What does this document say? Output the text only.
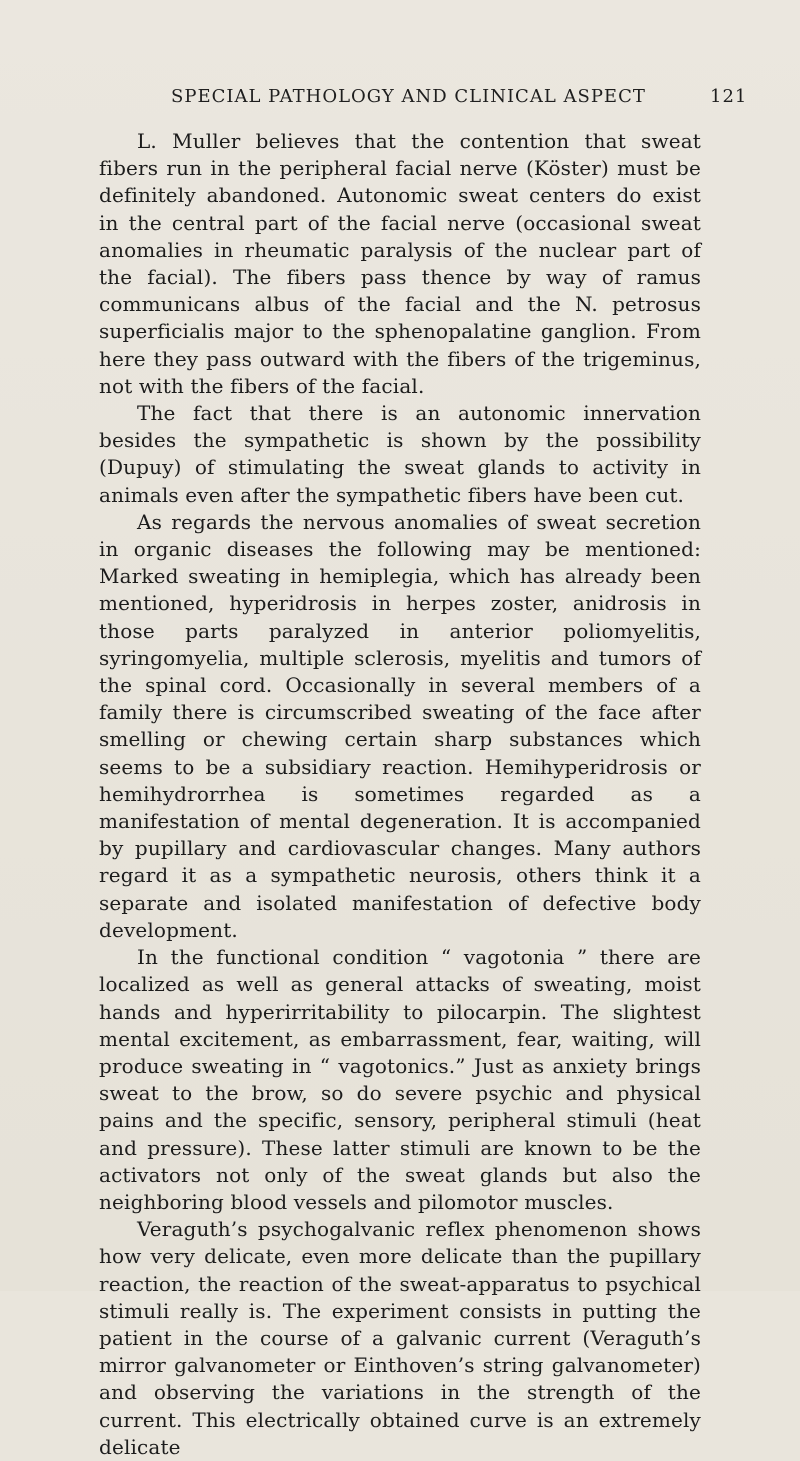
SPECIAL PATHOLOGY AND CLINICAL ASPECT	121

L. Muller believes that the contention that sweat fibers run in the peripheral facial nerve (Köster) must be definitely abandoned. Autonomic sweat centers do exist in the central part of the facial nerve (occasional sweat anomalies in rheumatic paralysis of the nuclear part of the facial). The fibers pass thence by way of ramus communicans albus of the facial and the N. petrosus superficialis major to the sphenopalatine ganglion. From here they pass outward with the fibers of the trigeminus, not with the fibers of the facial.

The fact that there is an autonomic innervation besides the sympathetic is shown by the possibility (Dupuy) of stimulating the sweat glands to activity in animals even after the sympathetic fibers have been cut.

As regards the nervous anomalies of sweat secretion in organic diseases the following may be mentioned: Marked sweating in hemiplegia, which has already been mentioned, hyperidrosis in herpes zoster, anidrosis in those parts paralyzed in anterior poliomyelitis, syringomyelia, multiple sclerosis, myelitis and tumors of the spinal cord. Occasionally in several members of a family there is circumscribed sweating of the face after smelling or chewing certain sharp substances which seems to be a subsidiary reaction. Hemihyperidrosis or hemihydrorrhea is sometimes regarded as a manifestation of mental degeneration. It is accompanied by pupillary and cardiovascular changes. Many authors regard it as a sympathetic neurosis, others think it a separate and isolated manifestation of defective body development.

In the functional condition “ vagotonia ” there are localized as well as general attacks of sweating, moist hands and hyperirritability to pilocarpin. The slightest mental excitement, as embarrassment, fear, waiting, will produce sweating in “ vagotonics.” Just as anxiety brings sweat to the brow, so do severe psychic and physical pains and the specific, sensory, peripheral stimuli (heat and pressure). These latter stimuli are known to be the activators not only of the sweat glands but also the neighboring blood vessels and pilomotor muscles.

Veraguth’s psychogalvanic reflex phenomenon shows how very delicate, even more delicate than the pupillary reaction, the reaction of the sweat-apparatus to psychical stimuli really is. The experiment consists in putting the patient in the course of a galvanic current (Veraguth’s mirror galvanometer or Einthoven’s string galvanometer) and observing the variations in the strength of the current. This electrically obtained curve is an extremely delicate
